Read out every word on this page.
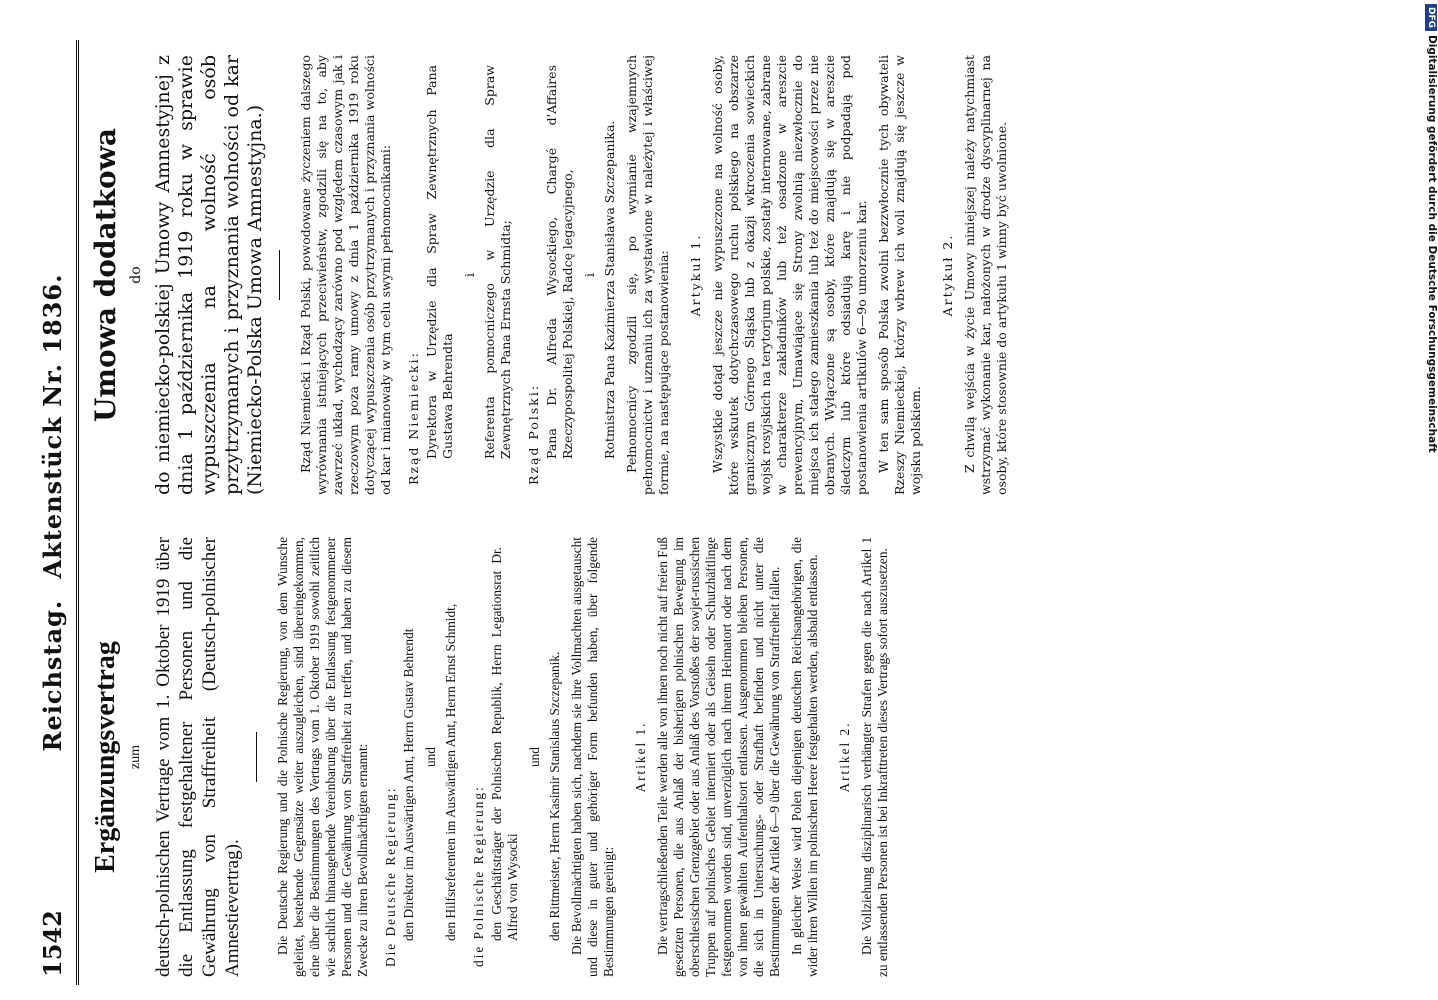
1542
Reichstag. Aktenstück Nr. 1836.
Ergänzungsvertrag zum deutsch-polnischen Vertrage vom 1. Oktober 1919 über die Entlassung festgehaltener Personen und die Gewährung von Straffreiheit (Deutsch-polnischer Amnestievertrag). Die Deutsche Regierung und die Polnische Regierung, von dem Wunsche geleitet, bestehende Gegensätze weiter auszugleichen, sind übereingekommen, eine über die Bestimmungen des Vertrags vom 1. Oktober 1919 sowohl zeitlich wie sachlich hinausgehende Vereinbarung über die Entlassung festgenommener Personen und die Gewährung von Straffreiheit zu treffen, und haben zu diesem Zwecke zu ihren Bevollmächtigten ernannt: Die Deutsche Regierung: den Direktor im Auswärtigen Amt, Herrn Gustav Behrendt und den Hilfsreferenten im Auswärtigen Amt, Herrn Ernst Schmidt, die Polnische Regierung: den Geschäftsträger der Polnischen Republik, Herrn Legationsrat Dr. Alfred von Wysocki

und den Rittmeister, Herrn Kasimir Stanislaus Szczepanik. Die Bevollmächtigten haben sich, nachdem sie ihre Vollmachten ausgetauscht und diese in guter und gehöriger Form befunden haben, über folgende Bestimmungen geeinigt:

Artikel 1. Die vertragschließenden Teile werden alle von ihnen noch nicht auf freien Fuß gesetzten Personen, die aus Anlaß der bisherigen polnischen Bewegung im oberschlesischen Grenzgebiet oder aus Anlaß des Vorstoßes der sowjet-russischen Truppen auf polnisches Gebiet interniert oder als Geiseln oder Schutzhäftlinge festgenommen worden sind, unverzüglich nach ihrem Heimatort oder nach dem von ihnen gewählten Aufenthaltsort entlassen. Ausgenommen bleiben Personen, die sich in Untersuchungs- oder Strafhaft befinden und nicht unter die Bestimmungen der Artikel 6—9 über die Gewährung von Straffreiheit fallen. In gleicher Weise wird Polen diejenigen deutschen Reichsangehörigen, die wider ihren Willen im polnischen Heere festgehalten werden, alsbald entlassen. Artikel 2. Die Vollziehung disziplinarisch verhängter Strafen gegen die nach Artikel 1 zu entlassenden Personen ist bei Inkrafttreten dieses Vertrags sofort auszusetzen.

Umowa dodatkowa do do niemiecko-polskiej Umowy Amnestyjnej z dnia 1 października 1919 roku w sprawie wypuszczenia na wolność osób przytrzymanych i przyznania wolności od kar (Niemiecko-Polska Umowa Amnestyjna.)	Rząd Niemiecki i Rząd Polski, powodowane życzeniem dalszego wyrównania istniejących przeciwieństw, zgodzili się na to, aby zawrzeć układ, wychodzący zarówno pod względem czasowym jak i rzeczowym poza ramy umowy z dnia 1 października 1919 roku dotyczącej wypuszczenia osób przytrzymanych i przyznania wolności od kar i mianowały w tym celu swymi pełnomocnikami: Rząd Niemiecki: Dyrektora w Urzędzie dla Spraw Zewnętrznych Pana Gustawa Behrendta

i Referenta pomocniczego w Urzędzie dla Spraw Zewnętrznych Pana Ernsta Schmidta; Rząd Polski: Pana Dr. Alfreda Wysockiego, Chargé d'Affaires Rzeczypospolitej Polskiej, Radcę legacyjnego, i Rotmistrza Pana Kazimierza Stanisława Szczepanika. Pełnomocnicy zgodzili się, po wymianie wzajemnych pełnomocnictw i uznaniu ich za wystawione w należytej i właściwej formie, na następujące postanowienia: Artykuł 1. Wszystkie dotąd jeszcze nie wypuszczone na wolność osoby, które wskutek dotychczasowego ruchu polskiego na obszarze granicznym Górnego Śląska lub z okazji wkroczenia sowieckich wojsk rosyjskich na terytorjum polskie, zostały internowane, zabrane w charakterze zakładników lub też osadzone w areszcie prewencyjnym, Umawiające się Strony zwolnią niezwłocznie do miejsca ich stałego zamieszkania lub też do miejscowości przez nie obranych. Wyłączone są osoby, które znajdują się w areszcie śledczym lub które odsiadują karę i nie podpadają pod postanowienia artikulów 6—9o umorzeniu kar. W ten sam sposób Polska zwolni bezzwłocznie tych obywateli Rzeszy Niemieckiej, którzy wbrew ich woli znajdują się jeszcze w wojsku polskiem.

Artykuł 2. Z chwilą wejścia w życie Umowy niniejszej należy natychmiast wstrzymać wykonanie kar, nałożonych w drodze dyscyplinarnej na osoby, które stosownie do artykułu 1 winny być uwolnione.

DFGDigitalisierung gefördert durch die Deutsche Forschungsgemeinschaft
